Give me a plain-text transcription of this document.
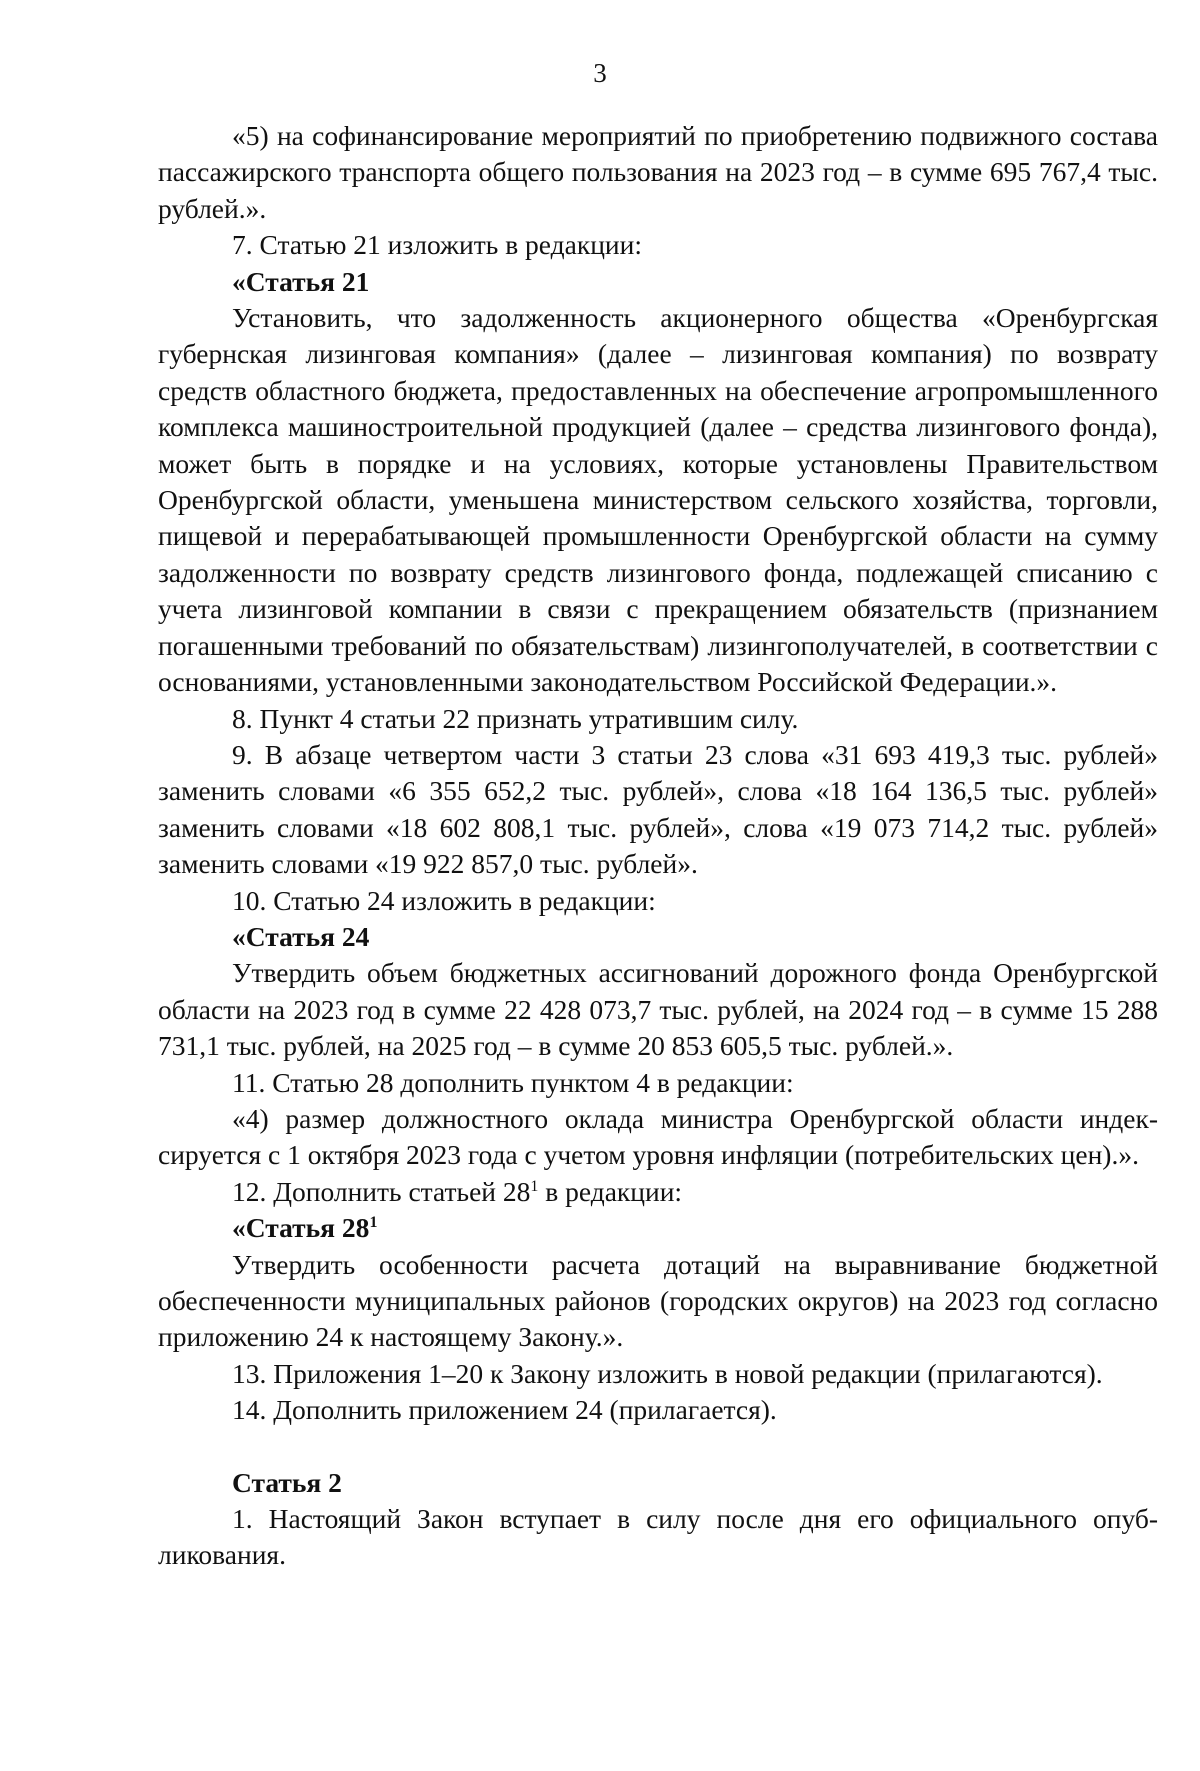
3

«5) на софинансирование мероприятий по приобретению подвижного состава пассажирского транспорта общего пользования на 2023 год – в сумме 695 767,4 тыс. рублей.».

7. Статью 21 изложить в редакции:

«Статья 21

Установить, что задолженность акционерного общества «Оренбургская губернская лизинговая компания» (далее – лизинговая компания) по возврату средств областного бюджета, предоставленных на обеспечение агропромышленного комплекса машиностроительной продукцией (далее – средства лизингового фонда), может быть в порядке и на условиях, которые установлены Правительством Оренбургской области, уменьшена министерством сельского хозяйства, торговли, пищевой и перерабатывающей промышленности Оренбургской области на сумму задолженности по возврату средств лизингового фонда, подлежащей списанию с учета лизинговой компании в связи с прекращением обязательств (признанием погашенными требований по обязательствам) лизингополучателей, в соответствии с основаниями, установленными законодательством Российской Федерации.».

8. Пункт 4 статьи 22 признать утратившим силу.

9. В абзаце четвертом части 3 статьи 23 слова «31 693 419,3 тыс. рублей» заменить словами «6 355 652,2 тыс. рублей», слова «18 164 136,5 тыс. рублей» заменить словами «18 602 808,1 тыс. рублей», слова «19 073 714,2 тыс. рублей» заменить словами «19 922 857,0 тыс. рублей».

10. Статью 24 изложить в редакции:

«Статья 24

Утвердить объем бюджетных ассигнований дорожного фонда Оренбургской области на 2023 год в сумме 22 428 073,7 тыс. рублей, на 2024 год – в сумме 15 288 731,1 тыс. рублей, на 2025 год – в сумме 20 853 605,5 тыс. рублей.».

11. Статью 28 дополнить пунктом 4 в редакции:

«4) размер должностного оклада министра Оренбургской области индексируется с 1 октября 2023 года с учетом уровня инфляции (потребительских цен).».

12. Дополнить статьей $28^1$ в редакции:

«Статья $28^1$

Утвердить особенности расчета дотаций на выравнивание бюджетной обеспеченности муниципальных районов (городских округов) на 2023 год согласно приложению 24 к настоящему Закону.».

13. Приложения 1–20 к Закону изложить в новой редакции (прилагаются).

14. Дополнить приложением 24 (прилагается).

Статья 2

1. Настоящий Закон вступает в силу после дня его официального опубликования.
